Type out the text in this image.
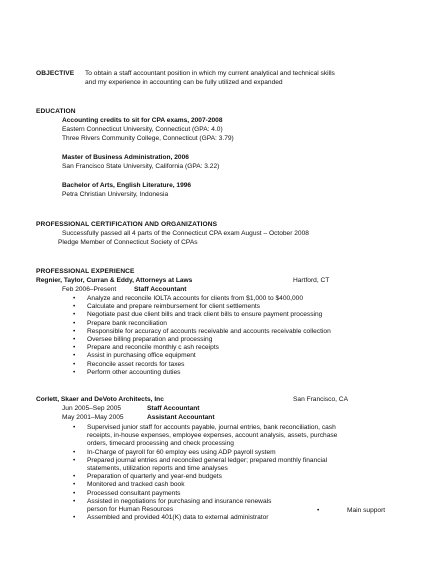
OBJECTIVE To obtain a staff accountant position in which my current analytical and technical skills
and my experience in accounting can be fully utilized and expanded
EDUCATION
Accounting credits to sit for CPA exams, 2007-2008
Eastern Connecticut University, Connecticut (GPA: 4.0)
Three Rivers Community College, Connecticut (GPA: 3.79)
Master of Business Administration, 2006
San Francisco State University, California (GPA: 3.22)
Bachelor of Arts, English Literature, 1996
Petra Christian University, Indonesia
PROFESSIONAL CERTIFICATION AND ORGANIZATIONS
Successfully passed all 4 parts of the Connecticut CPA exam August – October 2008
Pledge Member of Connecticut Society of CPAs
PROFESSIONAL EXPERIENCE
Regnier, Taylor, Curran & Eddy, Attorneys at Laws	Hartford, CT
Feb 2006–Present	Staff Accountant
• Analyze and reconcile IOLTA accounts for clients from $1,000 to $400,000
• Calculate and prepare reimbursement for client settlements
• Negotiate past due client bills and track client bills to ensure payment processing
• Prepare bank reconciliation
• Responsible for accuracy of accounts receivable and accounts receivable collection
• Oversee billing preparation and processing
• Prepare and reconcile monthly c ash receipts
• Assist in purchasing office equipment
• Reconcile asset records for taxes
• Perform other accounting duties
Corlett, Skaer and DeVoto Architects, Inc	San Francisco, CA
Jun 2005–Sep 2005	Staff Accountant
May 2001–May 2005	Assistant Accountant
• Supervised junior staff for accounts payable, journal entries, bank reconciliation, cash
receipts, in-house expenses, employee expenses, account analysis, assets, purchase
orders, timecard processing and check processing
• In-Charge of payroll for 60 employ ees using ADP payroll system
• Prepared journal entries and reconciled general ledger; prepared monthly financial
statements, utilization reports and time analyses
• Preparation of quarterly and year-end budgets
• Monitored and tracked cash book
• Processed consultant payments
• Assisted in negotiations for purchasing and insurance renewals
person for Human Resources
• Assembled and provided 401(K) data to external administrator
•	Main support
